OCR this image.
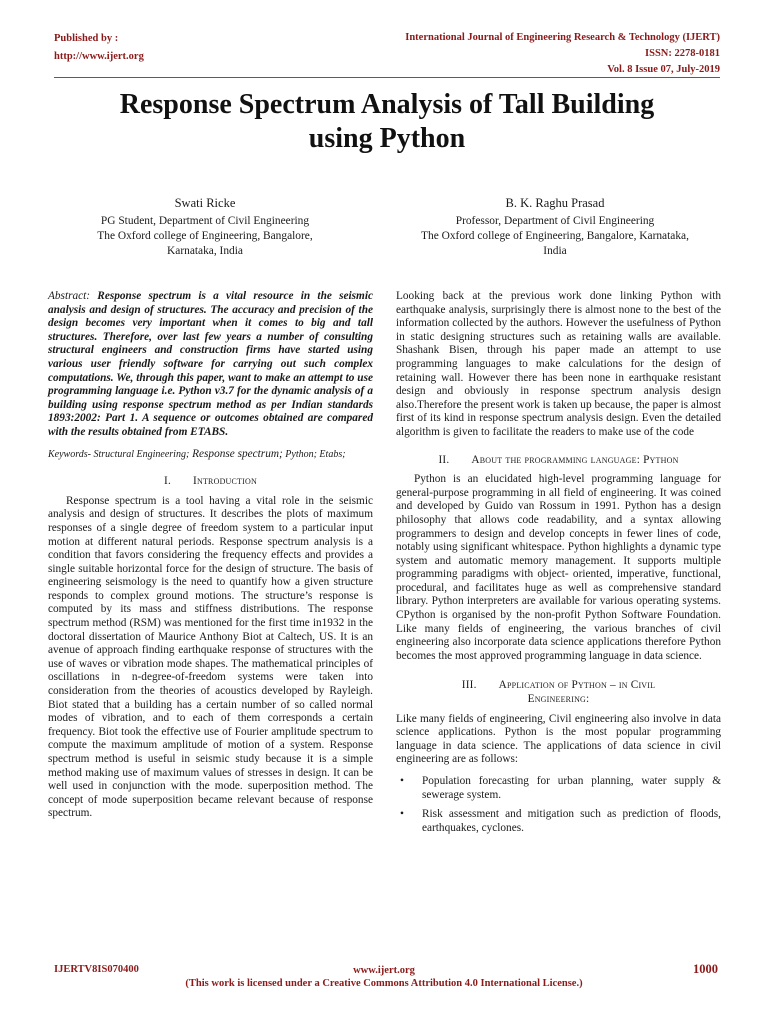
Published by :
http://www.ijert.org
International Journal of Engineering Research & Technology (IJERT)
ISSN: 2278-0181
Vol. 8 Issue 07, July-2019
Response Spectrum Analysis of Tall Building
using Python
Swati Ricke
PG Student, Department of Civil Engineering
The Oxford college of Engineering, Bangalore,
Karnataka, India
B. K. Raghu Prasad
Professor, Department of Civil Engineering
The Oxford college of Engineering, Bangalore, Karnataka,
India

Abstract: Response spectrum is a vital resource in the seismic analysis and design of structures. The accuracy and precision of the design becomes very important when it comes to big and tall structures. Therefore, over last few years a number of consulting structural engineers and construction firms have started using various user friendly software for carrying out such complex computations. We, through this paper, want to make an attempt to use programming language i.e. Python v3.7 for the dynamic analysis of a building using response spectrum method as per Indian standards 1893:2002: Part 1. A sequence or outcomes obtained are compared with the results obtained from ETABS.

Keywords- Structural Engineering; Response spectrum; Python; Etabs;

I. Introduction

Response spectrum is a tool having a vital role in the seismic analysis and design of structures. It describes the plots of maximum responses of a single degree of freedom system to a particular input motion at different natural periods. Response spectrum analysis is a condition that favors considering the frequency effects and provides a single suitable horizontal force for the design of structure. The basis of engineering seismology is the need to quantify how a given structure responds to complex ground motions. The structure’s response is computed by its mass and stiffness distributions. The response spectrum method (RSM) was mentioned for the first time in1932 in the doctoral dissertation of Maurice Anthony Biot at Caltech, US. It is an avenue of approach finding earthquake response of structures with the use of waves or vibration mode shapes. The mathematical principles of oscillations in n-degree-of-freedom systems were taken into consideration from the theories of acoustics developed by Rayleigh. Biot stated that a building has a certain number of so called normal modes of vibration, and to each of them corresponds a certain frequency. Biot took the effective use of Fourier amplitude spectrum to compute the maximum amplitude of motion of a system. Response spectrum method is useful in seismic study because it is a simple method making use of maximum values of stresses in design. It can be well used in conjunction with the mode. superposition method. The concept of mode superposition became relevant because of response spectrum.

Looking back at the previous work done linking Python with earthquake analysis, surprisingly there is almost none to the best of the information collected by the authors. However the usefulness of Python in static designing structures such as retaining walls are available. Shashank Bisen, through his paper made an attempt to use programming languages to make calculations for the design of retaining wall. However there has been none in earthquake resistant design and obviously in response spectrum analysis design also.Therefore the present work is taken up because, the paper is almost first of its kind in response spectrum analysis design. Even the detailed algorithm is given to facilitate the readers to make use of the code

II. About the programming language: Python

Python is an elucidated high-level programming language for general-purpose programming in all field of engineering. It was coined and developed by Guido van Rossum in 1991. Python has a design philosophy that allows code readability, and a syntax allowing programmers to design and develop concepts in fewer lines of code, notably using significant whitespace. Python highlights a dynamic type system and automatic memory management. It supports multiple programming paradigms with object- oriented, imperative, functional, procedural, and facilitates huge as well as comprehensive standard library. Python interpreters are available for various operating systems. CPython is organised by the non-profit Python Software Foundation. Like many fields of engineering, the various branches of civil engineering also incorporate data science applications therefore Python becomes the most approved programming language in data science.

III. Application of Python – in Civil
Engineering:

Like many fields of engineering, Civil engineering also involve in data science applications. Python is the most popular programming language in data science. The applications of data science in civil engineering are as follows:

• Population forecasting for urban planning, water supply & sewerage system.
• Risk assessment and mitigation such as prediction of floods, earthquakes, cyclones.
IJERTV8IS070400	www.ijert.org
(This work is licensed under a Creative Commons Attribution 4.0 International License.)
1000
